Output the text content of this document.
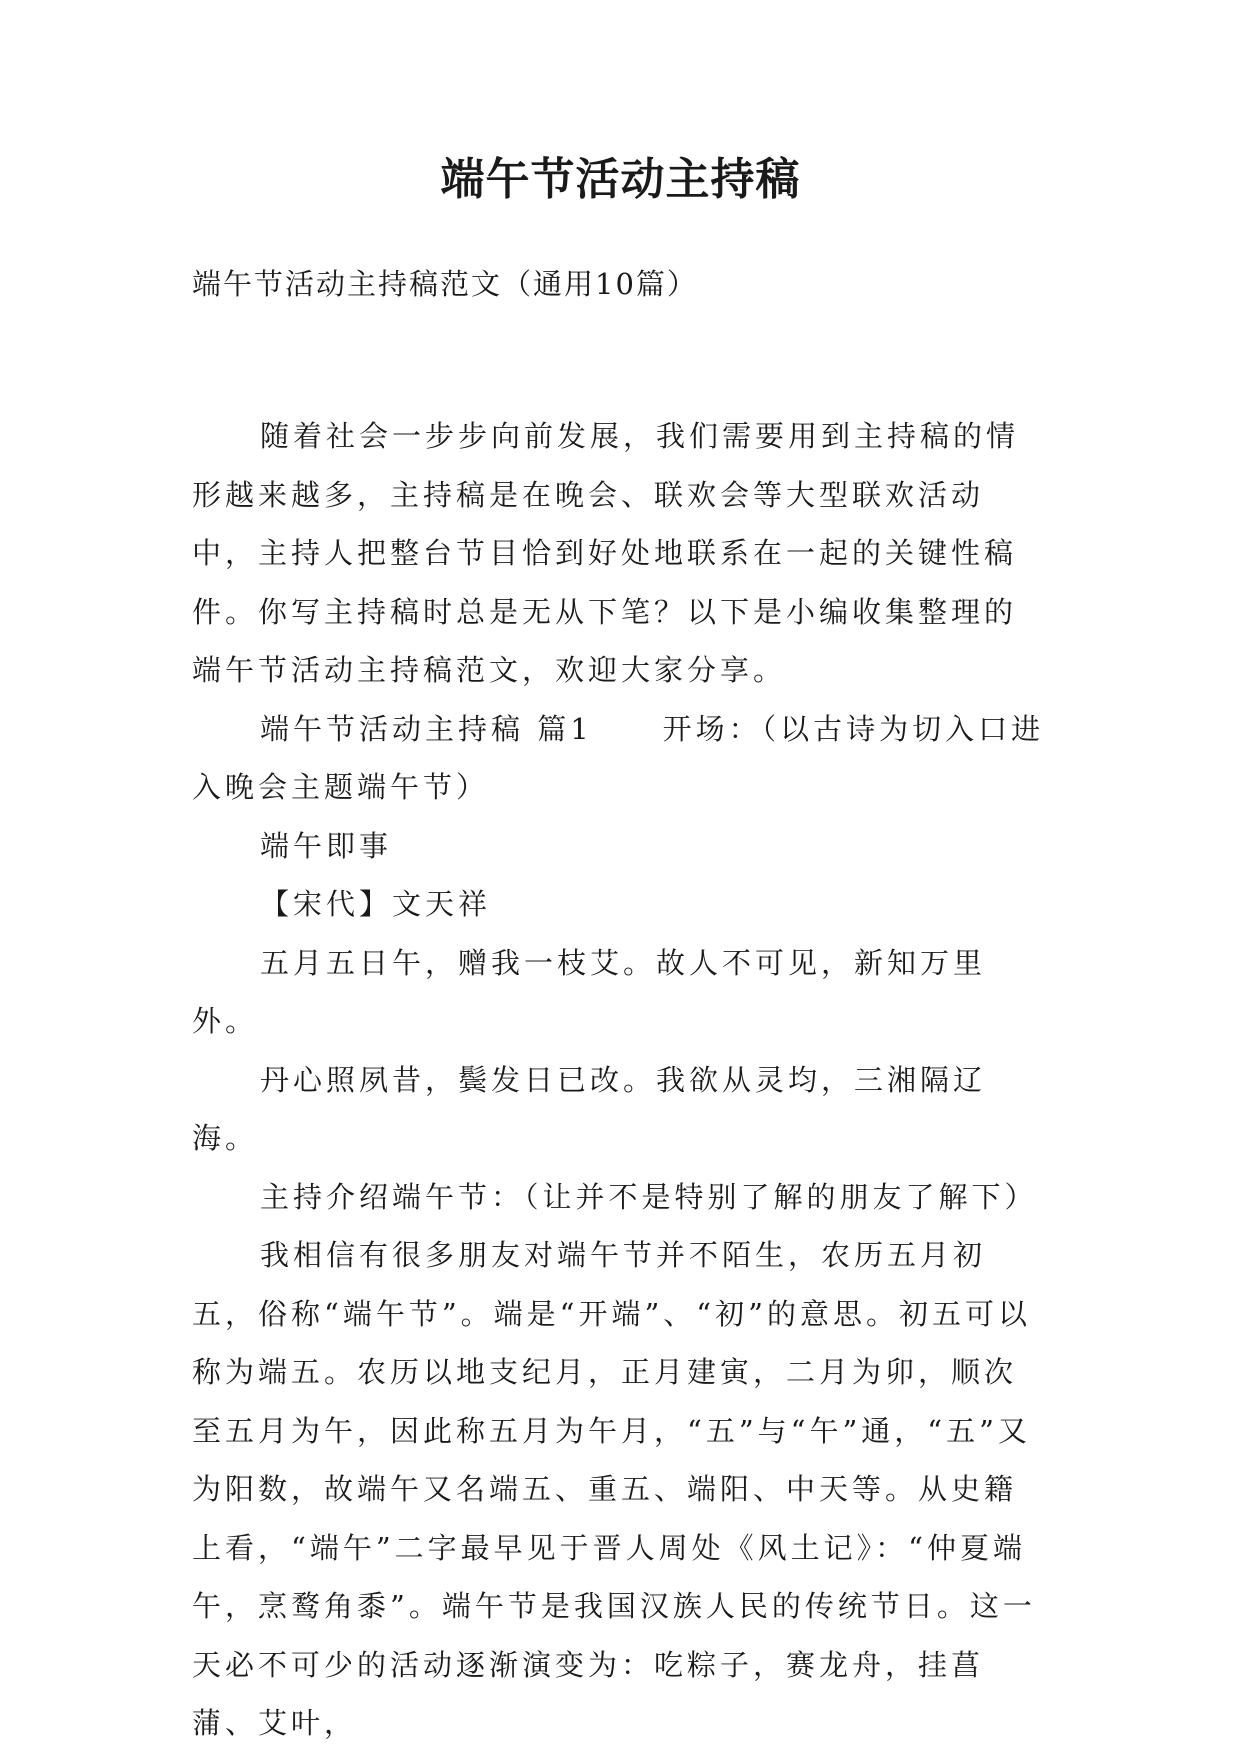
端午节活动主持稿
端午节活动主持稿范文（通用10篇）

随着社会一步步向前发展，我们需要用到主持稿的情形越来越多，主持稿是在晚会、联欢会等大型联欢活动中，主持人把整台节目恰到好处地联系在一起的关键性稿件。你写主持稿时总是无从下笔？以下是小编收集整理的端午节活动主持稿范文，欢迎大家分享。

端午节活动主持稿 篇1 开场：（以古诗为切入口进入晚会主题端午节）

端午即事

【宋代】文天祥

五月五日午，赠我一枝艾。故人不可见，新知万里外。

丹心照夙昔，鬓发日已改。我欲从灵均，三湘隔辽海。

主持介绍端午节：（让并不是特别了解的朋友了解下）

我相信有很多朋友对端午节并不陌生，农历五月初五，俗称“端午节”。端是“开端”、“初”的意思。初五可以称为端五。农历以地支纪月，正月建寅，二月为卯，顺次至五月为午，因此称五月为午月，“五”与“午”通，“五”又为阳数，故端午又名端五、重五、端阳、中天等。从史籍上看，“端午”二字最早见于晋人周处《风土记》：“仲夏端午，烹鹜角黍”。端午节是我国汉族人民的传统节日。这一天必不可少的活动逐渐演变为：吃粽子，赛龙舟，挂菖蒲、艾叶，
